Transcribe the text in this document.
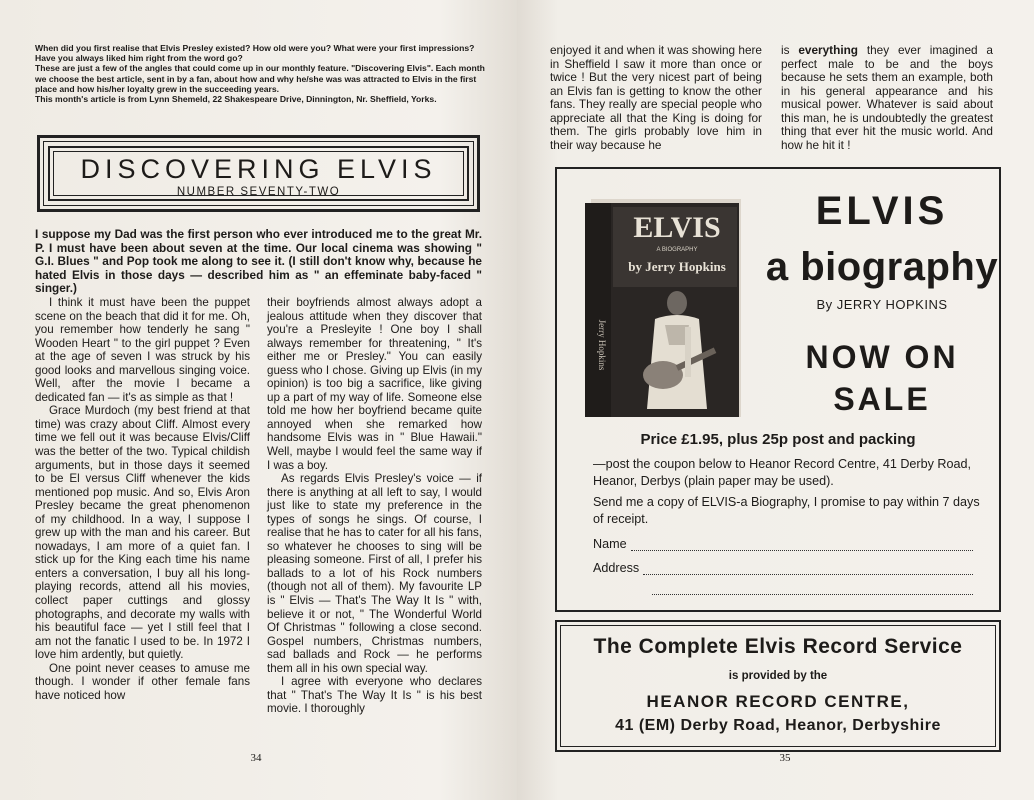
When did you first realise that Elvis Presley existed? How old were you? What were your first impressions? Have you always liked him right from the word go?

These are just a few of the angles that could come up in our monthly feature. "Discovering Elvis". Each month we choose the best article, sent in by a fan, about how and why he/she was was attracted to Elvis in the first place and how his/her loyalty grew in the succeeding years.

This month's article is from Lynn Shemeld, 22 Shakespeare Drive, Dinnington, Nr. Sheffield, Yorks.

DISCOVERING ELVIS
NUMBER SEVENTY-TWO
I suppose my Dad was the first person who ever introduced me to the great Mr. P. I must have been about seven at the time. Our local cinema was showing " G.I. Blues " and Pop took me along to see it. (I still don't know why, because he hated Elvis in those days — described him as " an effeminate baby-faced " singer.)

I think it must have been the puppet scene on the beach that did it for me. Oh, you remember how tenderly he sang " Wooden Heart " to the girl puppet ? Even at the age of seven I was struck by his good looks and marvellous singing voice. Well, after the movie I became a dedicated fan — it's as simple as that !

Grace Murdoch (my best friend at that time) was crazy about Cliff. Almost every time we fell out it was because Elvis/Cliff was the better of the two. Typical childish arguments, but in those days it seemed to be El versus Cliff whenever the kids mentioned pop music. And so, Elvis Aron Presley became the great phenomenon of my childhood. In a way, I suppose I grew up with the man and his career. But nowadays, I am more of a quiet fan. I stick up for the King each time his name enters a conversation, I buy all his long-playing records, attend all his movies, collect paper cuttings and glossy photographs, and decorate my walls with his beautiful face — yet I still feel that I am not the fanatic I used to be. In 1972 I love him ardently, but quietly.

One point never ceases to amuse me though. I wonder if other female fans have noticed how

their boyfriends almost always adopt a jealous attitude when they discover that you're a Presleyite ! One boy I shall always remember for threatening, " It's either me or Presley." You can easily guess who I chose. Giving up Elvis (in my opinion) is too big a sacrifice, like giving up a part of my way of life. Someone else told me how her boyfriend became quite annoyed when she remarked how handsome Elvis was in " Blue Hawaii." Well, maybe I would feel the same way if I was a boy.

As regards Elvis Presley's voice — if there is anything at all left to say, I would just like to state my preference in the types of songs he sings. Of course, I realise that he has to cater for all his fans, so whatever he chooses to sing will be pleasing someone. First of all, I prefer his ballads to a lot of his Rock numbers (though not all of them). My favourite LP is " Elvis — That's The Way It Is " with, believe it or not, " The Wonderful World Of Christmas " following a close second. Gospel numbers, Christmas numbers, sad ballads and Rock — he performs them all in his own special way.

I agree with everyone who declares that " That's The Way It Is " is his best movie. I thoroughly

34

enjoyed it and when it was showing here in Sheffield I saw it more than once or twice ! But the very nicest part of being an Elvis fan is getting to know the other fans. They really are special people who appreciate all that the King is doing for them. The girls probably love him in their way because he

is everything they ever imagined a perfect male to be and the boys because he sets them an example, both in his general appearance and his musical power. Whatever is said about this man, he is undoubtedly the greatest thing that ever hit the music world. And how he hit it !

ELVIS
A BIOGRAPHY
by Jerry Hopkins
Jerry Hopkins
ELVIS
a biography
By JERRY HOPKINS
NOW ON
SALE
Price £1.95, plus 25p post and packing
—post the coupon below to Heanor Record Centre, 41 Derby Road, Heanor, Derbys (plain paper may be used).
Send me a copy of ELVIS-a Biography, I promise to pay within 7 days of receipt.
Name
Address
The Complete Elvis Record Service
is provided by the
HEANOR RECORD CENTRE,
41 (EM) Derby Road, Heanor, Derbyshire
35
